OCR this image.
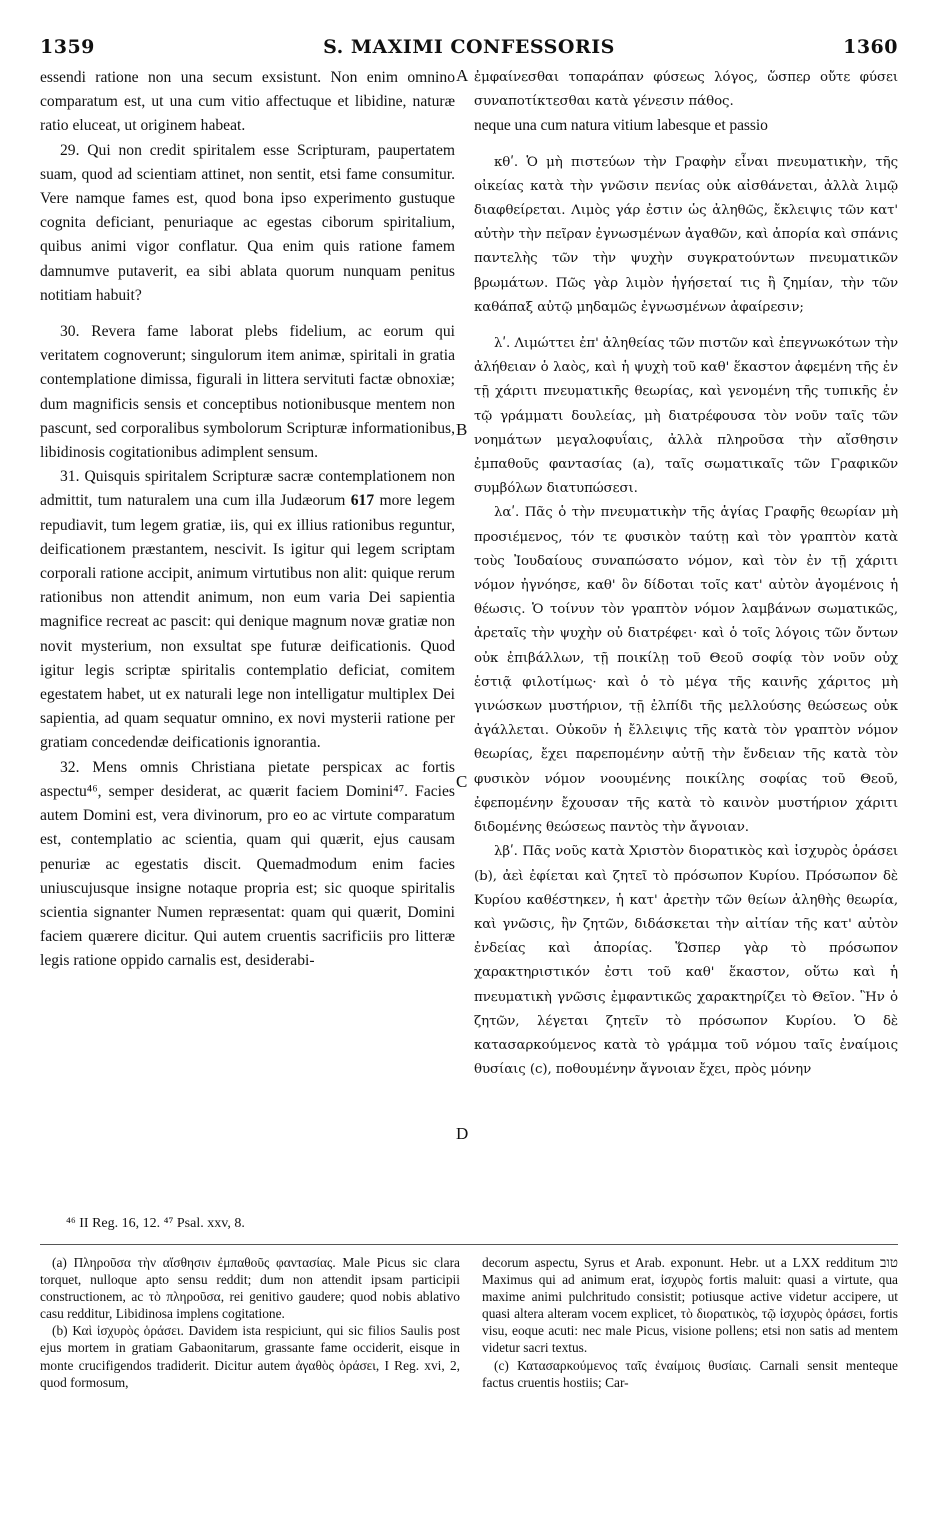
1359	S. MAXIMI CONFESSORIS	1360

essendi ratione non una secum exsistunt. Non enim omnino comparatum est, ut una cum vitio affectuque et libidine, naturæ ratio eluceat, ut originem habeat.

29. Qui non credit spiritalem esse Scripturam, paupertatem suam, quod ad scientiam attinet, non sentit, etsi fame consumitur. Vere namque fames est, quod bona ipso experimento gustuque cognita deficiant, penuriaque ac egestas ciborum spiritalium, quibus animi vigor conflatur. Qua enim quis ratione famem damnumve putaverit, ea sibi ablata quorum nunquam penitus notitiam habuit?

30. Revera fame laborat plebs fidelium, ac eorum qui veritatem cognoverunt; singulorum item animæ, spiritali in gratia contemplatione dimissa, figurali in littera servituti factæ obnoxiæ; dum magnificis sensis et conceptibus notionibusque mentem non pascunt, sed corporalibus symbolorum Scripturæ informationibus, libidinosis cogitationibus adimplent sensum.

31. Quisquis spiritalem Scripturæ sacræ contemplationem non admittit, tum naturalem una cum illa Judæorum 617 more legem repudiavit, tum legem gratiæ, iis, qui ex illius rationibus reguntur, deificationem præstantem, nescivit. Is igitur qui legem scriptam corporali ratione accipit, animum virtutibus non alit: quique rerum rationibus non attendit animum, non eum varia Dei sapientia magnifice recreat ac pascit: qui denique magnum novæ gratiæ non novit mysterium, non exsultat spe futuræ deificationis. Quod igitur legis scriptæ spiritalis contemplatio deficiat, comitem egestatem habet, ut ex naturali lege non intelligatur multiplex Dei sapientia, ad quam sequatur omnino, ex novi mysterii ratione per gratiam concedendæ deificationis ignorantia.

32. Mens omnis Christiana pietate perspicax ac fortis aspectu⁴⁶, semper desiderat, ac quærit faciem Domini⁴⁷. Facies autem Domini est, vera divinorum, pro eo ac virtute comparatum est, contemplatio ac scientia, quam qui quærit, ejus causam penuriæ ac egestatis discit. Quemadmodum enim facies uniuscujusque insigne notaque propria est; sic quoque spiritalis scientia signanter Numen repræsentat: quam qui quærit, Domini faciem quærere dicitur. Qui autem cruentis sacrificiis pro litteræ legis ratione oppido carnalis est, desiderabi-

A
B
C
D

ἐμφαίνεσθαι τοπαράπαν φύσεως λόγος, ὥσπερ οὔτε φύσει συναποτίκτεσθαι κατὰ γένεσιν πάθος.

neque una cum natura vitium labesque et passio

κθʹ. Ὁ μὴ πιστεύων τὴν Γραφὴν εἶναι πνευματικὴν, τῆς οἰκείας κατὰ τὴν γνῶσιν πενίας οὐκ αἰσθάνεται, ἀλλὰ λιμῷ διαφθείρεται. Λιμὸς γάρ ἐστιν ὡς ἀληθῶς, ἔκλειψις τῶν κατ' αὐτὴν τὴν πεῖραν ἐγνωσμένων ἀγαθῶν, καὶ ἀπορία καὶ σπάνις παντελὴς τῶν τὴν ψυχὴν συγκρατούντων πνευματικῶν βρωμάτων. Πῶς γὰρ λιμὸν ἡγήσεταί τις ἢ ζημίαν, τὴν τῶν καθάπαξ αὐτῷ μηδαμῶς ἐγνωσμένων ἀφαίρεσιν;

λʹ. Λιμώττει ἐπ' ἀληθείας τῶν πιστῶν καὶ ἐπεγνωκότων τὴν ἀλήθειαν ὁ λαὸς, καὶ ἡ ψυχὴ τοῦ καθ' ἕκαστον ἀφεμένη τῆς ἐν τῇ χάριτι πνευματικῆς θεωρίας, καὶ γενομένη τῆς τυπικῆς ἐν τῷ γράμματι δουλείας, μὴ διατρέφουσα τὸν νοῦν ταῖς τῶν νοημάτων μεγαλοφυΐαις, ἀλλὰ πληροῦσα τὴν αἴσθησιν ἐμπαθοῦς φαντασίας (a), ταῖς σωματικαῖς τῶν Γραφικῶν συμβόλων διατυπώσεσι.

λαʹ. Πᾶς ὁ τὴν πνευματικὴν τῆς ἁγίας Γραφῆς θεωρίαν μὴ προσιέμενος, τόν τε φυσικὸν ταύτῃ καὶ τὸν γραπτὸν κατὰ τοὺς Ἰουδαίους συναπώσατο νόμον, καὶ τὸν ἐν τῇ χάριτι νόμον ἠγνόησε, καθ' ὃν δίδοται τοῖς κατ' αὐτὸν ἀγομένοις ἡ θέωσις. Ὁ τοίνυν τὸν γραπτὸν νόμον λαμβάνων σωματικῶς, ἀρεταῖς τὴν ψυχὴν οὐ διατρέφει· καὶ ὁ τοῖς λόγοις τῶν ὄντων οὐκ ἐπιβάλλων, τῇ ποικίλῃ τοῦ Θεοῦ σοφίᾳ τὸν νοῦν οὐχ ἑστιᾷ φιλοτίμως· καὶ ὁ τὸ μέγα τῆς καινῆς χάριτος μὴ γινώσκων μυστήριον, τῇ ἐλπίδι τῆς μελλούσης θεώσεως οὐκ ἀγάλλεται. Οὐκοῦν ἡ ἔλλειψις τῆς κατὰ τὸν γραπτὸν νόμον θεωρίας, ἔχει παρεπομένην αὐτῇ τὴν ἔνδειαν τῆς κατὰ τὸν φυσικὸν νόμον νοουμένης ποικίλης σοφίας τοῦ Θεοῦ, ἐφεπομένην ἔχουσαν τῆς κατὰ τὸ καινὸν μυστήριον χάριτι διδομένης θεώσεως παντὸς τὴν ἄγνοιαν.

λβʹ. Πᾶς νοῦς κατὰ Χριστὸν διορατικὸς καὶ ἰσχυρὸς ὁράσει (b), ἀεὶ ἐφίεται καὶ ζητεῖ τὸ πρόσωπον Κυρίου. Πρόσωπον δὲ Κυρίου καθέστηκεν, ἡ κατ' ἀρετὴν τῶν θείων ἀληθὴς θεωρία, καὶ γνῶσις, ἣν ζητῶν, διδάσκεται τὴν αἰτίαν τῆς κατ' αὐτὸν ἐνδείας καὶ ἀπορίας. Ὥσπερ γὰρ τὸ πρόσωπον χαρακτηριστικόν ἐστι τοῦ καθ' ἕκαστον, οὕτω καὶ ἡ πνευματικὴ γνῶσις ἐμφαντικῶς χαρακτηρίζει τὸ Θεῖον. Ἣν ὁ ζητῶν, λέγεται ζητεῖν τὸ πρόσωπον Κυρίου. Ὁ δὲ κατασαρκούμενος κατὰ τὸ γράμμα τοῦ νόμου ταῖς ἐναίμοις θυσίαις (c), ποθουμένην ἄγνοιαν ἔχει, πρὸς μόνην

⁴⁶ II Reg. 16, 12. ⁴⁷ Psal. xxv, 8.

(a) Πληροῦσα τὴν αἴσθησιν ἐμπαθοῦς φαντασίας. Male Picus sic clara torquet, nulloque apto sensu reddit; dum non attendit ipsam participii constructionem, ac τὸ πληροῦσα, rei genitivo gaudere; quod nobis ablativo casu redditur, Libidinosa implens cogitatione.

(b) Καὶ ἰσχυρὸς ὁράσει. Davidem ista respiciunt, qui sic filios Saulis post ejus mortem in gratiam Gabaonitarum, grassante fame occiderit, eisque in monte crucifigendos tradiderit. Dicitur autem ἀγαθὸς ὁράσει, I Reg. xvi, 2, quod formosum,

decorum aspectu, Syrus et Arab. exponunt. Hebr. ut a LXX redditum טוב Maximus qui ad animum erat, ἰσχυρὸς fortis maluit: quasi a virtute, qua maxime animi pulchritudo consistit; potiusque active videtur accipere, ut quasi altera alteram vocem explicet, τὸ διορατικὸς, τῷ ἰσχυρὸς ὁράσει, fortis visu, eoque acuti: nec male Picus, visione pollens; etsi non satis ad mentem videtur sacri textus.

(c) Κατασαρκούμενος ταῖς ἐναίμοις θυσίαις. Carnali sensit menteque factus cruentis hostiis; Car-
